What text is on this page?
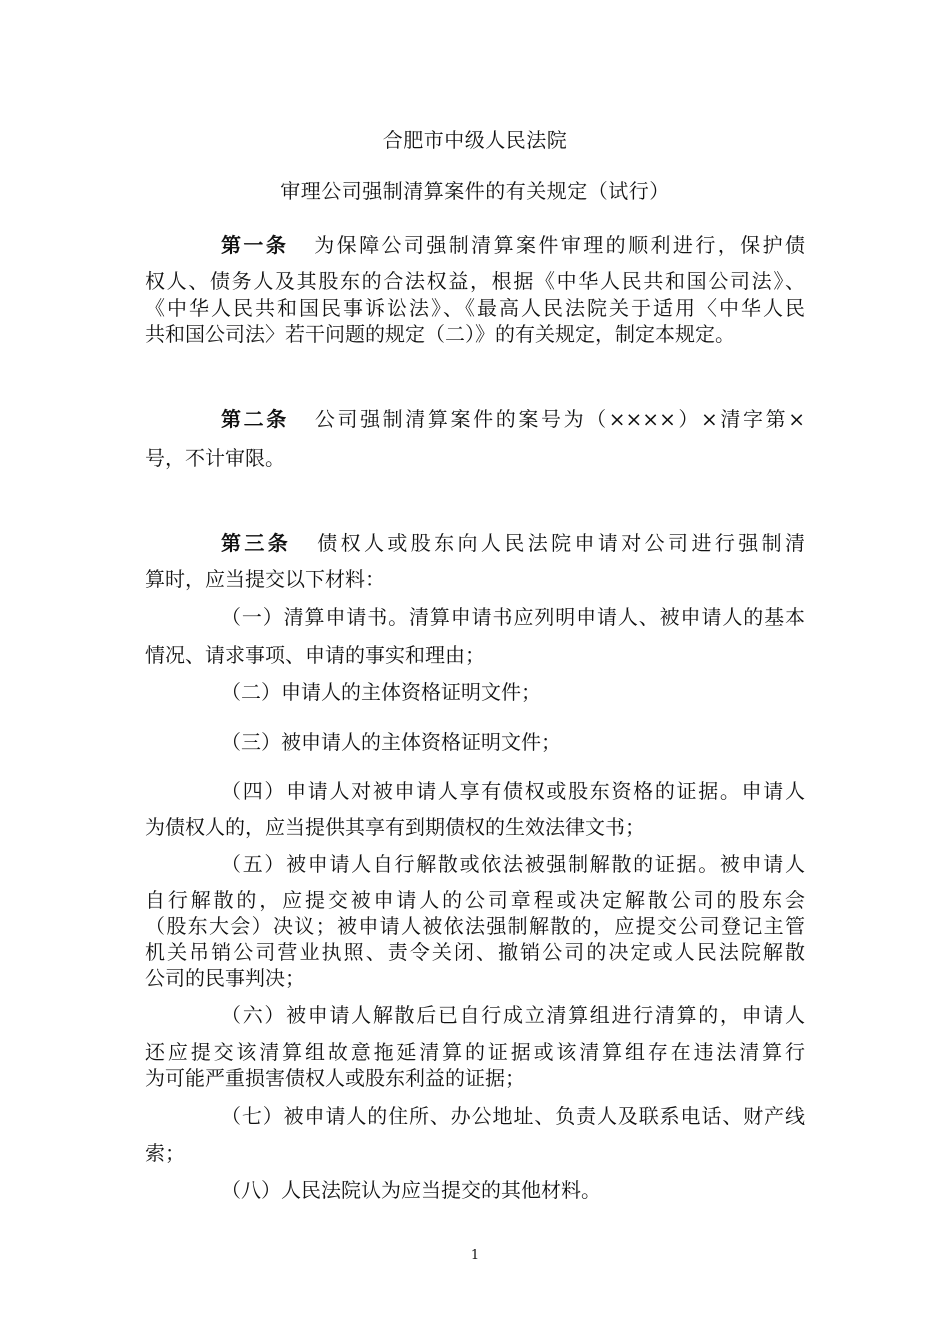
合肥市中级人民法院
审理公司强制清算案件的有关规定（试行）
第一条 为保障公司强制清算案件审理的顺利进行，保护债
权人、债务人及其股东的合法权益，根据《中华人民共和国公司法》、
《中华人民共和国民事诉讼法》、《最高人民法院关于适用〈中华人民
共和国公司法〉若干问题的规定（二）》的有关规定，制定本规定。
第二条 公司强制清算案件的案号为（××××）×清字第×
号，不计审限。
第三条 债权人或股东向人民法院申请对公司进行强制清
算时，应当提交以下材料：
（一）清算申请书。清算申请书应列明申请人、被申请人的基本
情况、请求事项、申请的事实和理由；
（二）申请人的主体资格证明文件；
（三）被申请人的主体资格证明文件；
（四）申请人对被申请人享有债权或股东资格的证据。申请人
为债权人的，应当提供其享有到期债权的生效法律文书；
（五）被申请人自行解散或依法被强制解散的证据。被申请人
自行解散的，应提交被申请人的公司章程或决定解散公司的股东会
（股东大会）决议；被申请人被依法强制解散的，应提交公司登记主管
机关吊销公司营业执照、责令关闭、撤销公司的决定或人民法院解散
公司的民事判决；
（六）被申请人解散后已自行成立清算组进行清算的，申请人
还应提交该清算组故意拖延清算的证据或该清算组存在违法清算行
为可能严重损害债权人或股东利益的证据；
（七）被申请人的住所、办公地址、负责人及联系电话、财产线
索；
（八）人民法院认为应当提交的其他材料。
1
